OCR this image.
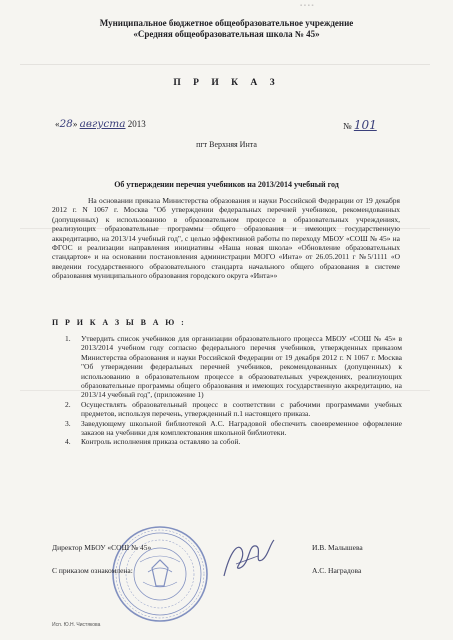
▪ ▪ ▪ ▪
Муниципальное бюджетное общеобразовательное учреждение
«Средняя общеобразовательная школа № 45»
П Р И К А З
«28» августа 2013	№ 101
пгт Верхняя Инта
Об утверждении перечня учебников на 2013/2014 учебный год

На основании приказа Министерства образования и науки Российской Федерации от 19 декабря 2012 г. N 1067 г. Москва "Об утверждении федеральных перечней учебников, рекомендованных (допущенных) к использованию в образовательном процессе в образовательных учреждениях, реализующих образовательные программы общего образования и имеющих государственную аккредитацию, на 2013/14 учебный год", с целью эффективной работы по переходу МБОУ «СОШ № 45» на ФГОС и реализации направления инициативы «Наша новая школа» «Обновление образовательных стандартов» и на основании постановления администрации МОГО «Инта» от 26.05.2011 г №5/1111 «О введении государственного образовательного стандарта начального общего образования в системе образования муниципального образования городского округа «Инта»»

П Р И К А З Ы В А Ю :
1. Утвердить список учебников для организации образовательного процесса МБОУ «СОШ № 45» в 2013/2014 учебном году согласно федерального перечня учебников, утвержденных приказом Министерства образования и науки Российской Федерации от 19 декабря 2012 г. N 1067 г. Москва "Об утверждении федеральных перечней учебников, рекомендованных (допущенных) к использованию в образовательном процессе в образовательных учреждениях, реализующих образовательные программы общего образования и имеющих государственную аккредитацию, на 2013/14 учебный год", (приложение 1)
2. Осуществлять образовательный процесс в соответствии с рабочими программами учебных предметов, используя перечень, утвержденный п.1 настоящего приказа.
3. Заведующему школьной библиотекой А.С. Наградовой обеспечить своевременное оформление заказов на учебники для комплектования школьной библиотеки.
4. Контроль исполнения приказа оставляю за собой.
Директор МБОУ «СОШ № 45»	И.В. Малышева
С приказом ознакомлена:	А.С. Наградова
Исп. Ю.Н. Чистякова
